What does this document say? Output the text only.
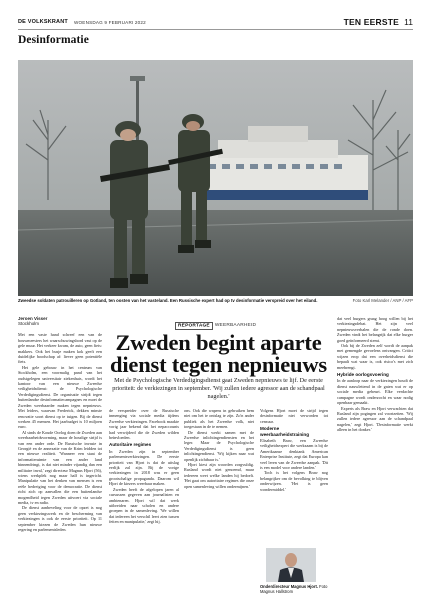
DE VOLKSKRANT WOENSDAG 9 FEBRUARI 2022	TEN EERSTE 11
Desinformatie
Zweedse soldaten patrouilleren op Gotland, ten oosten van het vasteland. Een Russische expert had op tv desinformatie verspreid over het eiland.	Foto Karl Melander / ANP / AFP
Jeroen Visser
Stockholm

Met een vaste hand schreef een van de bouwmeesters het waarschuwingsbord vast op de gele muur. Het verkeer kwam, de auto, geen fiets: makkers. Ook het busje maken kok geeft een duidelijke boodschap af: liever geen potentiële fiets.

Het gele gebouw in het centrum van Stockholm, een voormalig pand van het oudstgelegen universitair ziekenhuis, wordt het kantoor van een nieuwe Zweedse veiligheidsdienst: de Psychologische Verdedigingsdienst. De organisatie strijdt tegen buitenlandse desinformatiecampagnes en moet de Zweden weerbaarder maken tegen nepnieuws. Met leiders, waarvan Frederick, dekken minste renovatie soort dienst op te tuigen. Bij de dienst werken 45 mensen. Het jaarbudget is 10 miljoen euro.

Al sinds de Koude Oorlog doen de Zweden aan weerbaarheidsvorming, maar de houdige strijd is van een ander orde. De Russische invasie in Georgië en de annexatie van de Krim leidden tot een nieuwe realiteit. 'Wanneer een staat de informatieruimte van een ander land binnendringt, is dat niet minder vijandig dan een militaire inval,' zegt directeur Magnus Hjort (56), wiens werkplek nog maar half is ingericht. Manipulatie van het denken van mensen is een reële bedreiging voor de democratie. De dienst richt zich op aanvallen die een buitenlandse mogendheid tegen Zweden uitvoert via sociale media, tv en radio.

De dienst aanbeveling voor de opzet is nog geen verkiezingswerk en de bescherming van verkiezingen is ook de eerste prioriteit. Op 11 september kiezen de Zweden hun nieuwe regering en parlementsleden.

REPORTAGE WEERBAARHEID
Zweden begint aparte dienst tegen nepnieuws
Met de Psychologische Verdedigingsdienst gaat Zweden nepnieuws te lijf. De eerste prioriteit: de verkiezingen in september. 'Wij zullen iedere agressor aan de schandpaal nagelen.'

de verspreider over de Russische inmenging via sociale media tijdens Zweedse verkiezingen. Facebook maakte vorig jaar bekend dat het nepaccounts had verwijderd die de Zweden wilden beïnvloeden.

Autoritaire regimes

In Zweden zijn in september parlementsverkiezingen. De eerste prioriteit van Hjort is dat de uitslag eerlijk zal zijn. Bij de vorige verkiezingen in 2018 was er geen grootschalige propaganda. Daarom wil Hjort de kiezers weerbaar maken.

Zweden heeft de afgelopen jaren al cursussen gegeven aan journalisten en ambtenaren. Hjort wil dat werk uitbreiden naar scholen en andere groepen in de samenleving. 'We willen dat iedereen het verschil leert zien tussen feiten en manipulatie,' zegt hij.

ons. Ook die wapens in gebruiken hem niet om het te ontslag te zijn. Zo'n ander publiek als het Zweedse volk, niet toegestaan in de te nemen.

De dienst werkt samen met de Zweedse inlichtingendiensten en het leger. Maar de Psychologische Verdedigingsdienst is geen inlichtingendienst. 'Wij kijken naar wat openlijk zichtbaar is.'

Hjort kiest zijn woorden zorgvuldig. Rusland wordt niet genoemd, maar iedereen weet welke landen hij bedoelt. 'Het gaat om autoritaire regimes die onze open samenleving willen ondermijnen.'

Volgens Hjort moet de strijd tegen desinformatie niet verworden tot censuur.

Moderne weerbaarheidstraining

Elisabeth Braw, een Zweedse veiligheidsexpert die werkzaam is bij de Amerikaanse denktank American Enterprise Institute, zegt dat Europa kan veel leren van de Zweedse aanpak. 'Dit is een model voor andere landen.'

Toch is het volgens Braw nog belangrijker om de bevolking te blijven onderwijzen. 'Het is geen wondermiddel.'

Onderdirecteur Magnus Hjort. Foto Magnus Hallstrom

dat veel burgers graag hoog willen bij het verkiezingsdebat. Het zijn veel nepnieuwsverhalen die de ronde doen. Zweden vindt het belangrijk dat elke burger goed geïnformeerd stemt.

Ook bij de Zweden zelf wordt de aanpak met gemengde gevoelens ontvangen. Critici wijzen erop dat een overheidsdienst die bepaalt wat waar is, ook risico's met zich meebrengt.

Hybride oorlogsvoering

In de aanloop naar de verkiezingen houdt de dienst nauwlettend in de gaten wat er op sociale media gebeurt. Elke verdachte campagne wordt onderzocht en waar nodig openbaar gemaakt.

Experts als Braw en Hjort verwachten dat Rusland zijn pogingen zal voortzetten. 'Wij zullen iedere agressor aan de schandpaal nagelen,' zegt Hjort. 'Desinformatie werkt alleen in het donker.'
